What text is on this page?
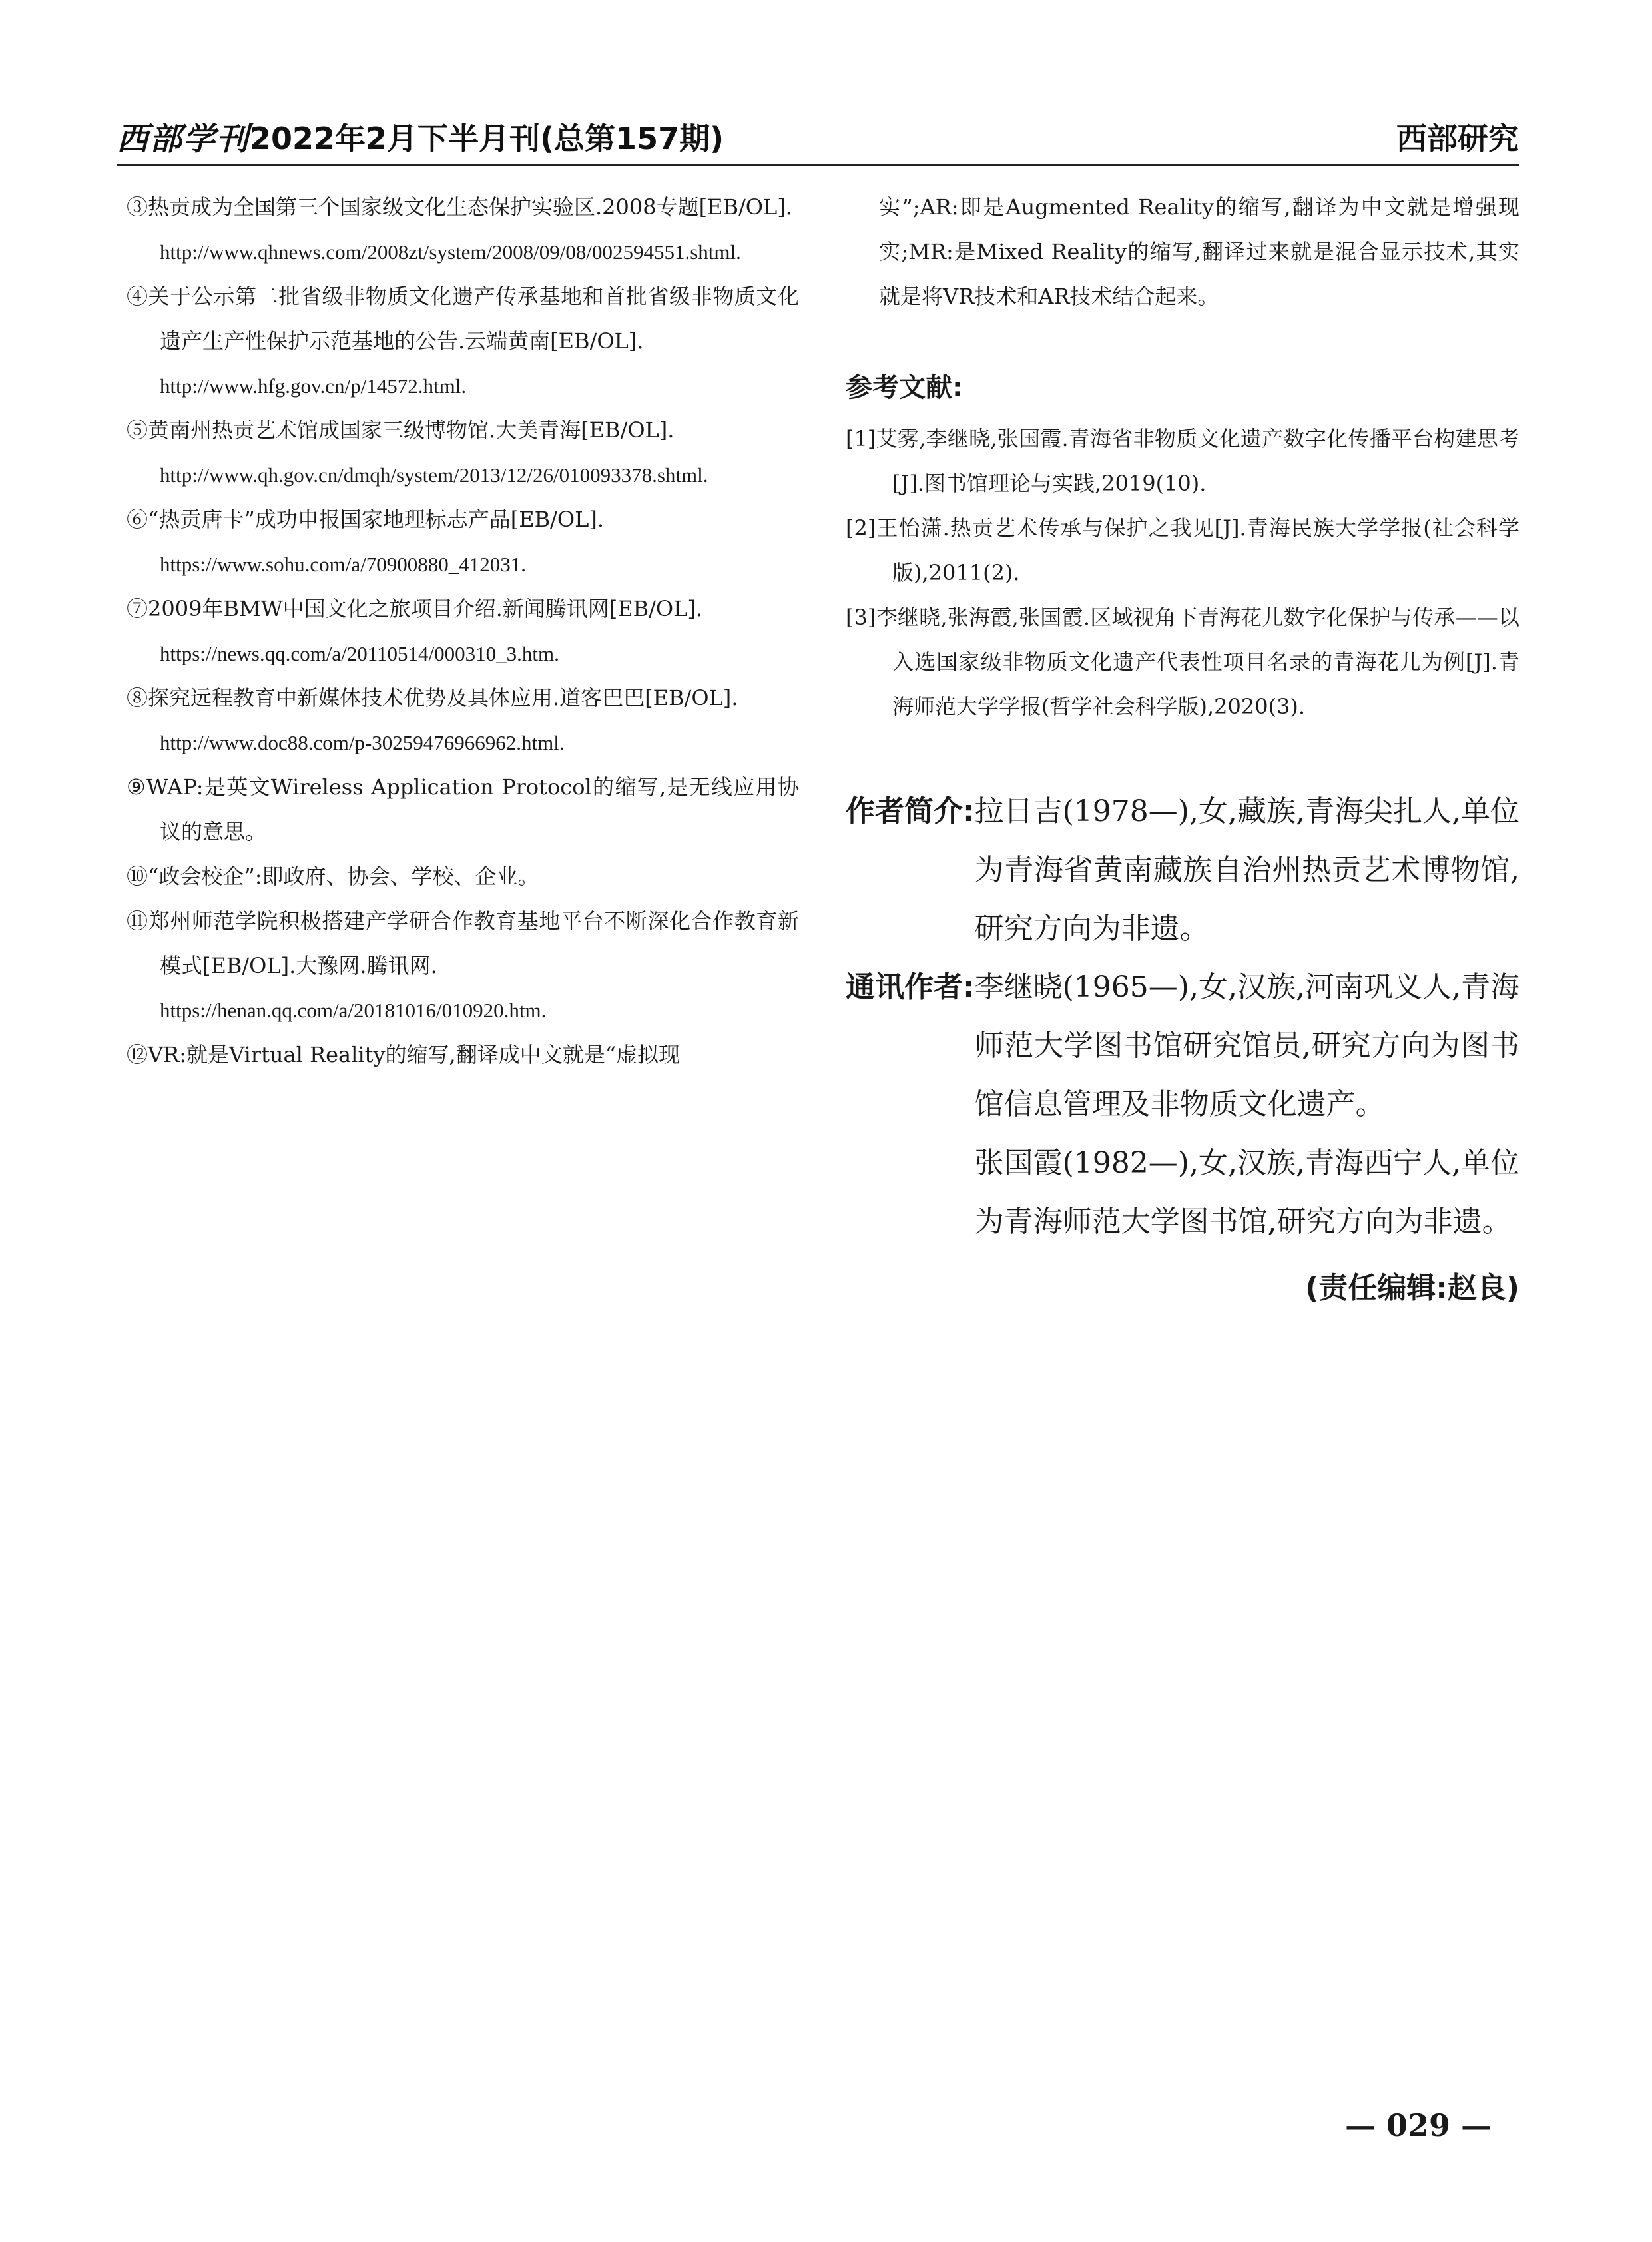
西部学刊 2022年2月下半月刊(总第157期)	西部研究
③热贡成为全国第三个国家级文化生态保护实验区.2008专题[EB/OL].
http://www.qhnews.com/2008zt/system/2008/09/08/002594551.shtml.
④关于公示第二批省级非物质文化遗产传承基地和首批省级非物质文化遗产生产性保护示范基地的公告.云端黄南[EB/OL].
http://www.hfg.gov.cn/p/14572.html.
⑤黄南州热贡艺术馆成国家三级博物馆.大美青海[EB/OL].
http://www.qh.gov.cn/dmqh/system/2013/12/26/010093378.shtml.
⑥“热贡唐卡”成功申报国家地理标志产品[EB/OL].
https://www.sohu.com/a/70900880_412031.
⑦2009年BMW中国文化之旅项目介绍.新闻腾讯网[EB/OL].
https://news.qq.com/a/20110514/000310_3.htm.
⑧探究远程教育中新媒体技术优势及具体应用.道客巴巴[EB/OL].
http://www.doc88.com/p-30259476966962.html.
⑨WAP:是英文Wireless Application Protocol的缩写,是无线应用协议的意思。
⑩“政会校企”:即政府、协会、学校、企业。
⑪郑州师范学院积极搭建产学研合作教育基地平台不断深化合作教育新模式[EB/OL].大豫网.腾讯网.
https://henan.qq.com/a/20181016/010920.htm.
⑫VR:就是Virtual Reality的缩写,翻译成中文就是“虚拟现
实”;AR:即是Augmented Reality的缩写,翻译为中文就是增强现实;MR:是Mixed Reality的缩写,翻译过来就是混合显示技术,其实就是将VR技术和AR技术结合起来。
参考文献:

[1]艾雾,李继晓,张国霞.青海省非物质文化遗产数字化传播平台构建思考[J].图书馆理论与实践,2019(10).

[2]王怡潇.热贡艺术传承与保护之我见[J].青海民族大学学报(社会科学版),2011(2).

[3]李继晓,张海霞,张国霞.区域视角下青海花儿数字化保护与传承——以入选国家级非物质文化遗产代表性项目名录的青海花儿为例[J].青海师范大学学报(哲学社会科学版),2020(3).

作者简介: 拉日吉(1978—),女,藏族,青海尖扎人,单位为青海省黄南藏族自治州热贡艺术博物馆,研究方向为非遗。
通讯作者: 李继晓(1965—),女,汉族,河南巩义人,青海师范大学图书馆研究馆员,研究方向为图书馆信息管理及非物质文化遗产。
张国霞(1982—),女,汉族,青海西宁人,单位为青海师范大学图书馆,研究方向为非遗。
(责任编辑:赵良)
— 029 —
